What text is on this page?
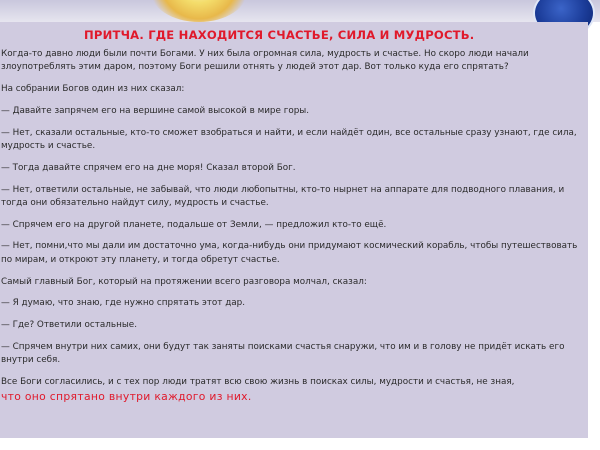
ПРИТЧА. ГДЕ НАХОДИТСЯ СЧАСТЬЕ, СИЛА И МУДРОСТЬ.

Когда-то давно люди были почти Богами. У них была огромная сила, мудрость и счастье. Но скоро люди начали злоупотреблять этим даром, поэтому Боги решили отнять у людей этот дар. Вот только куда его спрятать?

На собрании Богов один из них сказал:

— Давайте запрячем его на вершине самой высокой в мире горы.

— Нет, сказали остальные, кто-то сможет взобраться и найти, и если найдёт один, все остальные сразу узнают, где сила, мудрость и счастье.

— Тогда давайте спрячем его на дне моря! Сказал второй Бог.

— Нет, ответили остальные, не забывай, что люди любопытны, кто-то нырнет на аппарате для подводного плавания, и тогда они обязательно найдут силу, мудрость и счастье.

— Спрячем его на другой планете, подальше от Земли, — предложил кто-то ещё.

— Нет, помни,что мы дали им достаточно ума, когда-нибудь они придумают космический корабль, чтобы путешествовать по мирам, и откроют эту планету, и тогда обретут счастье.

Самый главный Бог, который на протяжении всего разговора молчал, сказал:

— Я думаю, что знаю, где нужно спрятать этот дар.

— Где? Ответили остальные.

— Спрячем внутри них самих, они будут так заняты поисками счастья снаружи, что им и в голову не придёт искать его внутри себя.

Все Боги согласились, и с тех пор люди тратят всю свою жизнь в поисках силы, мудрости и счастья, не зная,
что оно спрятано внутри каждого из них.
